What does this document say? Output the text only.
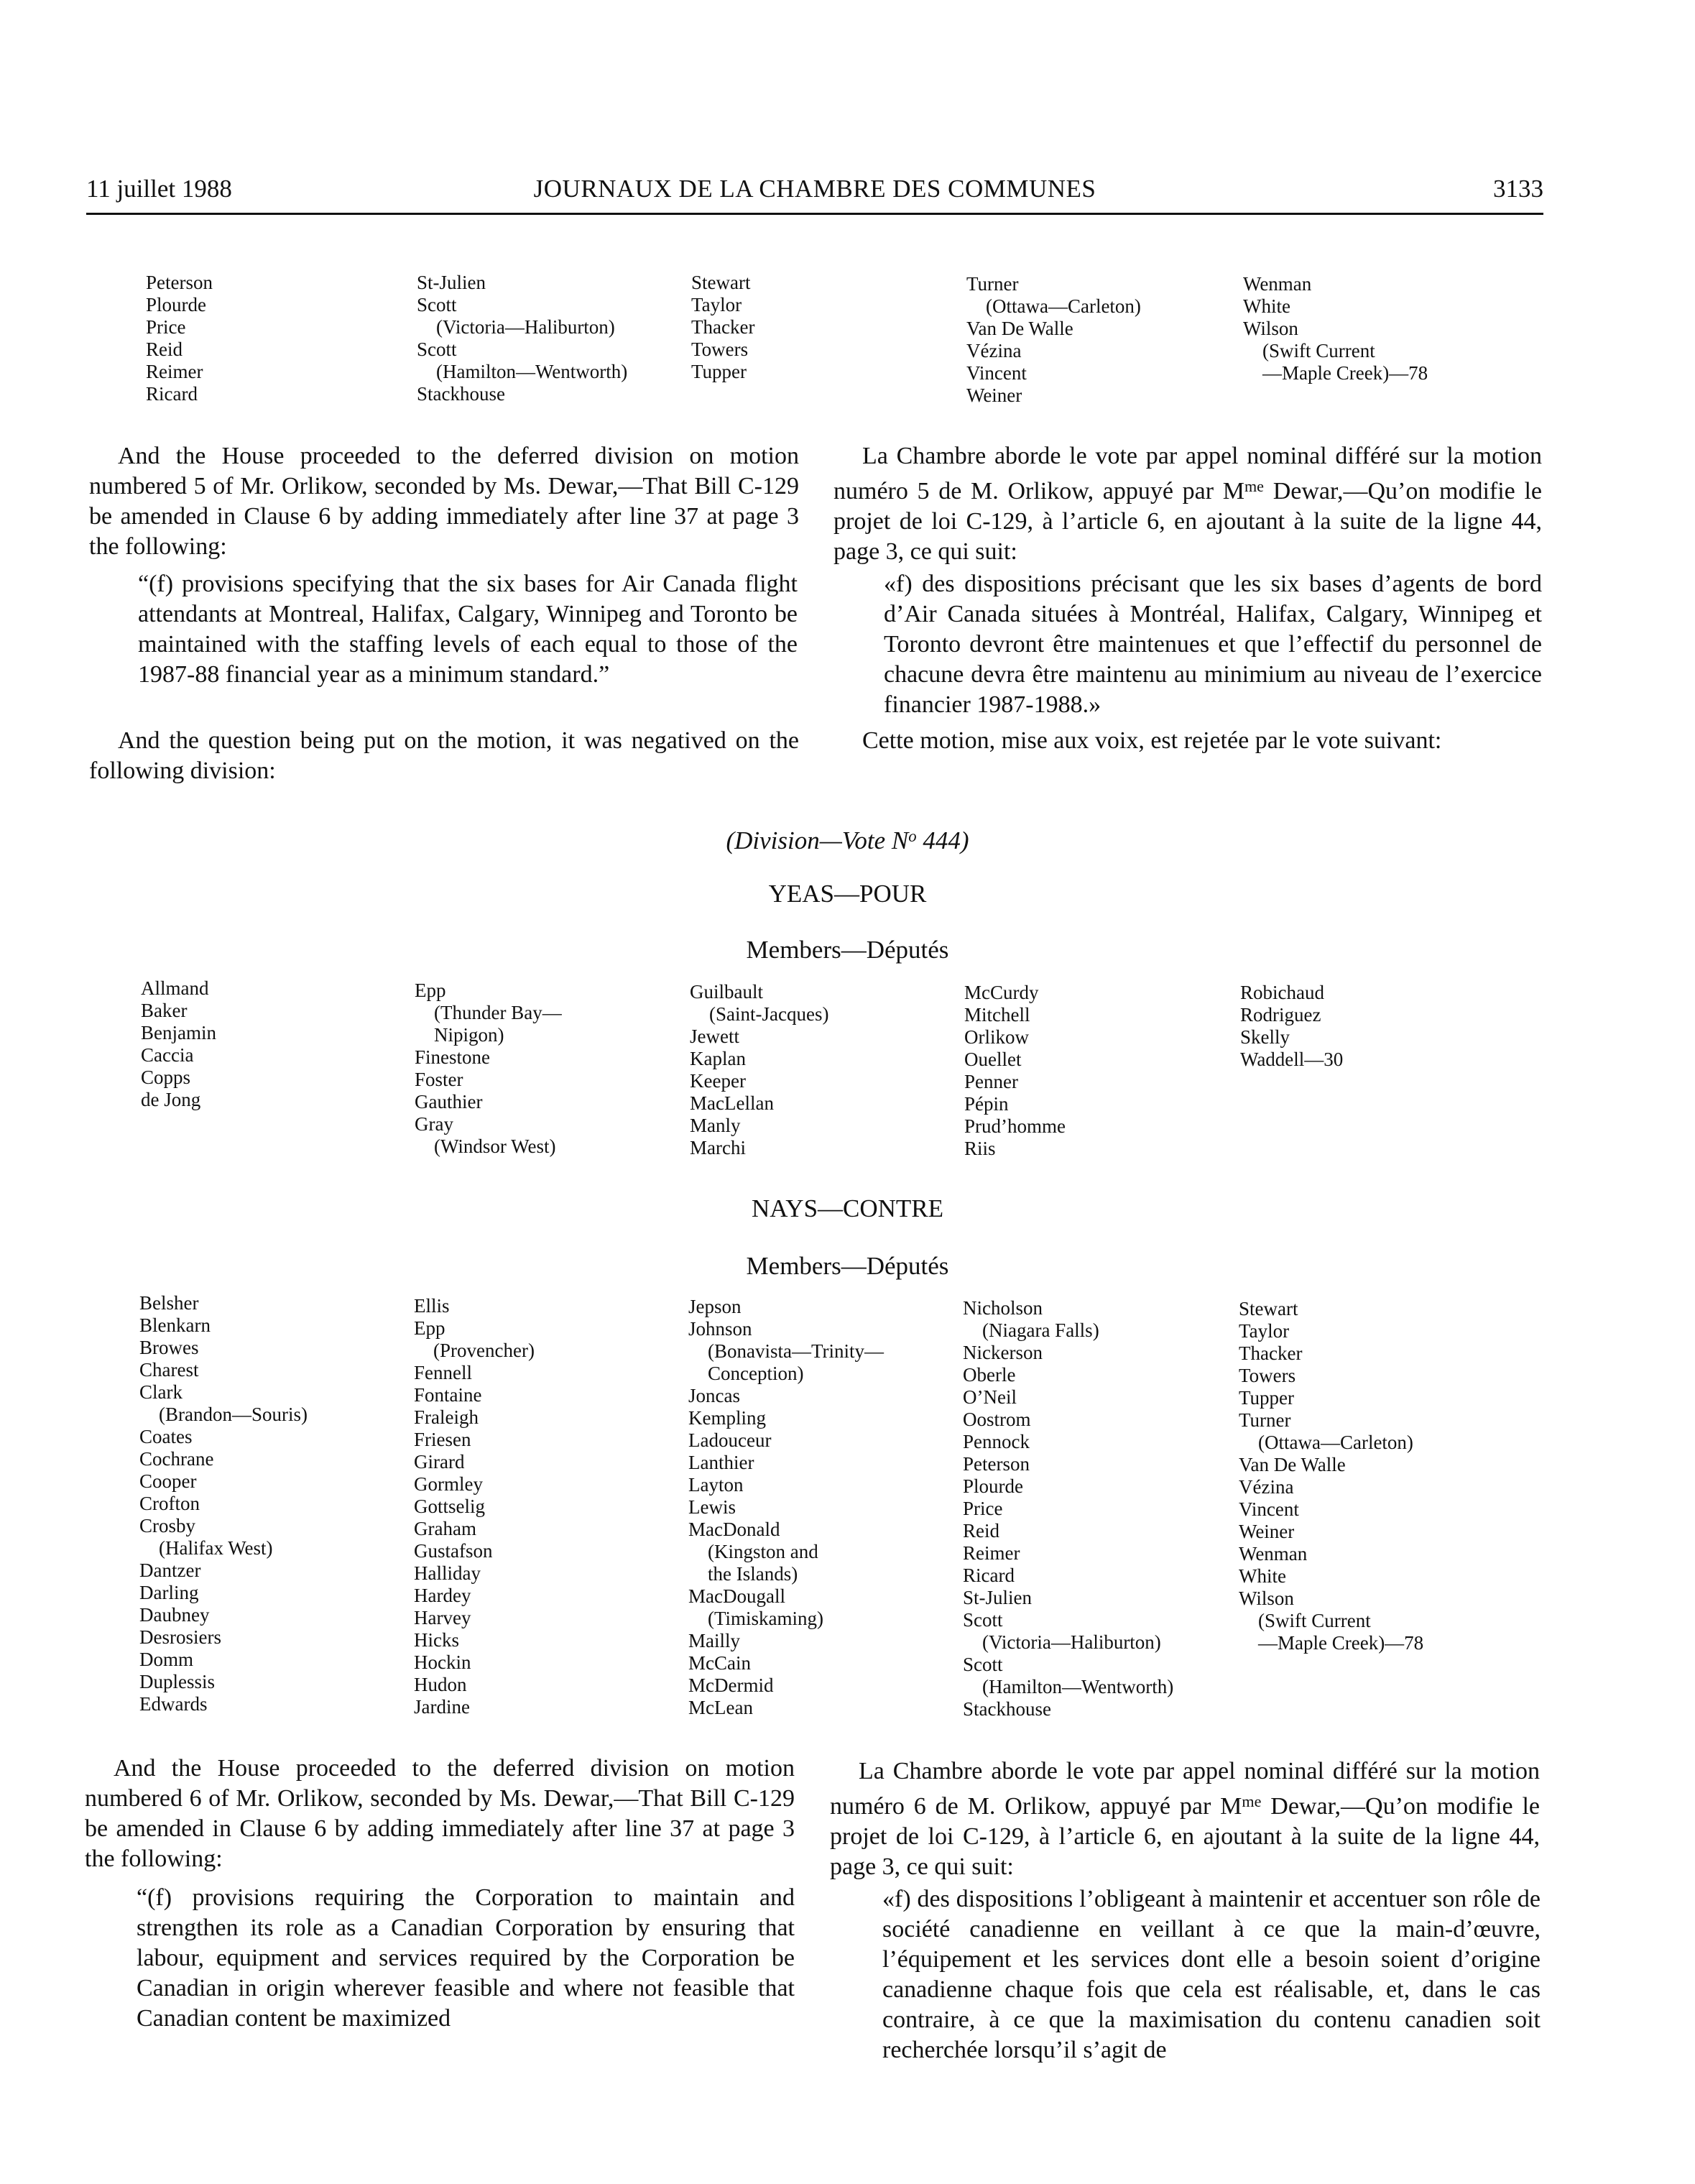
11 juillet 1988	JOURNAUX DE LA CHAMBRE DES COMMUNES	3133
Peterson
Plourde
Price
Reid
Reimer
Ricard
St-Julien
Scott
(Victoria—Haliburton)
Scott
(Hamilton—Wentworth)
Stackhouse
Stewart
Taylor
Thacker
Towers
Tupper
Turner
(Ottawa—Carleton)
Van De Walle
Vézina
Vincent
Weiner
Wenman
White
Wilson
(Swift Current
—Maple Creek)—78

And the House proceeded to the deferred division on motion numbered 5 of Mr. Orlikow, seconded by Ms. Dewar,—That Bill C-129 be amended in Clause 6 by adding immediately after line 37 at page 3 the following:

“(f) provisions specifying that the six bases for Air Canada flight attendants at Montreal, Halifax, Calgary, Winnipeg and Toronto be maintained with the staffing levels of each equal to those of the 1987-88 financial year as a minimum standard.”

And the question being put on the motion, it was negatived on the following division:

La Chambre aborde le vote par appel nominal différé sur la motion numéro 5 de M. Orlikow, appuyé par $M^{me}$ Dewar,—Qu’on modifie le projet de loi C-129, à l’article 6, en ajoutant à la suite de la ligne 44, page 3, ce qui suit:

«f) des dispositions précisant que les six bases d’agents de bord d’Air Canada situées à Montréal, Halifax, Calgary, Winnipeg et Toronto devront être maintenues et que l’effectif du personnel de chacune devra être maintenu au minimium au niveau de l’exercice financier 1987-1988.»

Cette motion, mise aux voix, est rejetée par le vote suivant:

(Division—Vote $N^o$ 444)
YEAS—POUR
Members—Députés
Allmand
Baker
Benjamin
Caccia
Copps
de Jong
Epp
(Thunder Bay—
Nipigon)
Finestone
Foster
Gauthier
Gray
(Windsor West)
Guilbault
(Saint-Jacques)
Jewett
Kaplan
Keeper
MacLellan
Manly
Marchi
McCurdy
Mitchell
Orlikow
Ouellet
Penner
Pépin
Prud’homme
Riis
Robichaud
Rodriguez
Skelly
Waddell—30
NAYS—CONTRE
Members—Députés
Belsher
Blenkarn
Browes
Charest
Clark
(Brandon—Souris)
Coates
Cochrane
Cooper
Crofton
Crosby
(Halifax West)
Dantzer
Darling
Daubney
Desrosiers
Domm
Duplessis
Edwards
Ellis
Epp
(Provencher)
Fennell
Fontaine
Fraleigh
Friesen
Girard
Gormley
Gottselig
Graham
Gustafson
Halliday
Hardey
Harvey
Hicks
Hockin
Hudon
Jardine
Jepson
Johnson
(Bonavista—Trinity—
Conception)
Joncas
Kempling
Ladouceur
Lanthier
Layton
Lewis
MacDonald
(Kingston and
the Islands)
MacDougall
(Timiskaming)
Mailly
McCain
McDermid
McLean
Nicholson
(Niagara Falls)
Nickerson
Oberle
O’Neil
Oostrom
Pennock
Peterson
Plourde
Price
Reid
Reimer
Ricard
St-Julien
Scott
(Victoria—Haliburton)
Scott
(Hamilton—Wentworth)
Stackhouse
Stewart
Taylor
Thacker
Towers
Tupper
Turner
(Ottawa—Carleton)
Van De Walle
Vézina
Vincent
Weiner
Wenman
White
Wilson
(Swift Current
—Maple Creek)—78

And the House proceeded to the deferred division on motion numbered 6 of Mr. Orlikow, seconded by Ms. Dewar,—That Bill C-129 be amended in Clause 6 by adding immediately after line 37 at page 3 the following:

“(f) provisions requiring the Corporation to maintain and strengthen its role as a Canadian Corporation by ensuring that labour, equipment and services required by the Corporation be Canadian in origin wherever feasible and where not feasible that Canadian content be maximized

La Chambre aborde le vote par appel nominal différé sur la motion numéro 6 de M. Orlikow, appuyé par $M^{me}$ Dewar,—Qu’on modifie le projet de loi C-129, à l’article 6, en ajoutant à la suite de la ligne 44, page 3, ce qui suit:

«f) des dispositions l’obligeant à maintenir et accentuer son rôle de société canadienne en veillant à ce que la main-d’œuvre, l’équipement et les services dont elle a besoin soient d’origine canadienne chaque fois que cela est réalisable, et, dans le cas contraire, à ce que la maximisation du contenu canadien soit recherchée lorsqu’il s’agit de
